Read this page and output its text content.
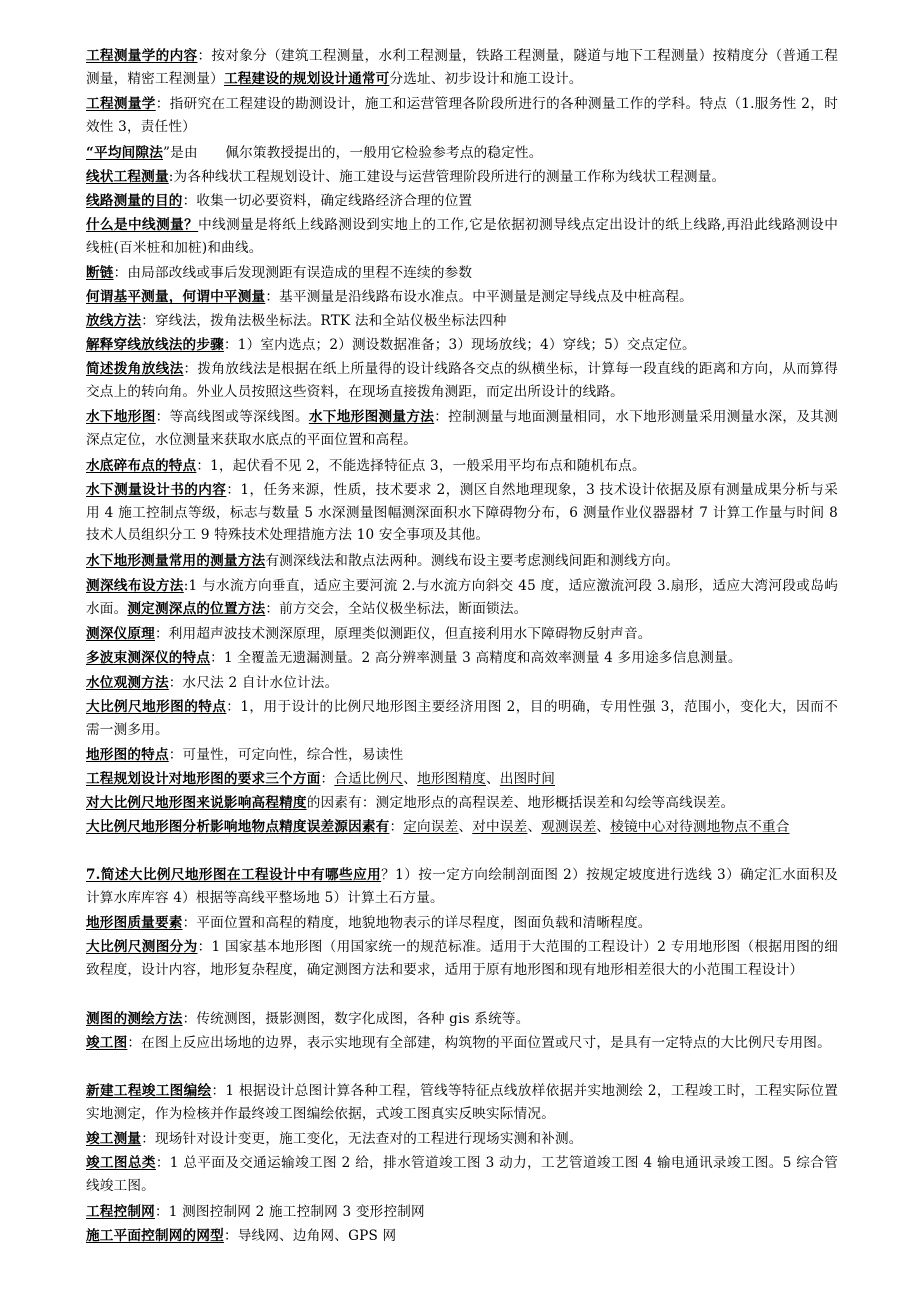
工程测量学的内容：按对象分（建筑工程测量，水利工程测量，铁路工程测量，隧道与地下工程测量）按精度分（普通工程测量，精密工程测量）工程建设的规划设计通常可分选址、初步设计和施工设计。
工程测量学：指研究在工程建设的勘测设计，施工和运营管理各阶段所进行的各种测量工作的学科。特点（1.服务性 2，时效性 3，责任性）
“平均间隙法”是由　　佩尔策教授提出的，一般用它检验参考点的稳定性。
线状工程测量:为各种线状工程规划设计、施工建设与运营管理阶段所进行的测量工作称为线状工程测量。
线路测量的目的：收集一切必要资料，确定线路经济合理的位置
什么是中线测量？中线测量是将纸上线路测设到实地上的工作,它是依据初测导线点定出设计的纸上线路,再沿此线路测设中线桩(百米桩和加桩)和曲线。
断链：由局部改线或事后发现测距有误造成的里程不连续的参数
何谓基平测量，何谓中平测量：基平测量是沿线路布设水准点。中平测量是测定导线点及中桩高程。
放线方法：穿线法，拨角法极坐标法。RTK 法和全站仪极坐标法四种
解释穿线放线法的步骤：1）室内选点；2）测设数据准备；3）现场放线；4）穿线；5）交点定位。
简述拨角放线法：拨角放线法是根据在纸上所量得的设计线路各交点的纵横坐标，计算每一段直线的距离和方向，从而算得交点上的转向角。外业人员按照这些资料，在现场直接拨角测距，而定出所设计的线路。
水下地形图：等高线图或等深线图。水下地形图测量方法：控制测量与地面测量相同，水下地形测量采用测量水深，及其测深点定位，水位测量来获取水底点的平面位置和高程。
水底碎布点的特点：1，起伏看不见 2，不能选择特征点 3，一般采用平均布点和随机布点。
水下测量设计书的内容：1，任务来源，性质，技术要求 2，测区自然地理现象，3 技术设计依据及原有测量成果分析与采用 4 施工控制点等级，标志与数量 5 水深测量图幅测深面积水下障碍物分布，6 测量作业仪器器材 7 计算工作量与时间 8 技术人员组织分工 9 特殊技术处理措施方法 10 安全事项及其他。
水下地形测量常用的测量方法有测深线法和散点法两种。测线布设主要考虑测线间距和测线方向。
测深线布设方法:1 与水流方向垂直，适应主要河流 2.与水流方向斜交 45 度，适应激流河段 3.扇形，适应大湾河段或岛屿水面。测定测深点的位置方法：前方交会，全站仪极坐标法，断面锁法。
测深仪原理：利用超声波技术测深原理，原理类似测距仪，但直接利用水下障碍物反射声音。
多波束测深仪的特点：1 全覆盖无遗漏测量。2 高分辨率测量 3 高精度和高效率测量 4 多用途多信息测量。
水位观测方法：水尺法 2 自计水位计法。
大比例尺地形图的特点：1，用于设计的比例尺地形图主要经济用图 2，目的明确，专用性强 3，范围小，变化大，因而不需一测多用。
地形图的特点：可量性，可定向性，综合性，易读性
工程规划设计对地形图的要求三个方面：合适比例尺、地形图精度、出图时间
对大比例尺地形图来说影响高程精度的因素有：测定地形点的高程误差、地形概括误差和勾绘等高线误差。
大比例尺地形图分析影响地物点精度误差源因素有：定向误差、对中误差、观测误差、棱镜中心对待测地物点不重合
7.简述大比例尺地形图在工程设计中有哪些应用？1）按一定方向绘制剖面图 2）按规定坡度进行选线 3）确定汇水面积及计算水库库容 4）根据等高线平整场地 5）计算土石方量。
地形图质量要素：平面位置和高程的精度，地貌地物表示的详尽程度，图面负载和清晰程度。
大比例尺测图分为：1 国家基本地形图（用国家统一的规范标准。适用于大范围的工程设计）2 专用地形图（根据用图的细致程度，设计内容，地形复杂程度，确定测图方法和要求，适用于原有地形图和现有地形相差很大的小范围工程设计）
测图的测绘方法：传统测图，摄影测图，数字化成图，各种 gis 系统等。
竣工图：在图上反应出场地的边界，表示实地现有全部建，构筑物的平面位置或尺寸，是具有一定特点的大比例尺专用图。
新建工程竣工图编绘：1 根据设计总图计算各种工程，管线等特征点线放样依据并实地测绘 2，工程竣工时，工程实际位置实地测定，作为检核并作最终竣工图编绘依据，式竣工图真实反映实际情况。
竣工测量：现场针对设计变更，施工变化，无法查对的工程进行现场实测和补测。
竣工图总类：1 总平面及交通运输竣工图 2 给，排水管道竣工图 3 动力，工艺管道竣工图 4 输电通讯录竣工图。5 综合管线竣工图。
工程控制网：1 测图控制网 2 施工控制网 3 变形控制网
施工平面控制网的网型：导线网、边角网、GPS 网
